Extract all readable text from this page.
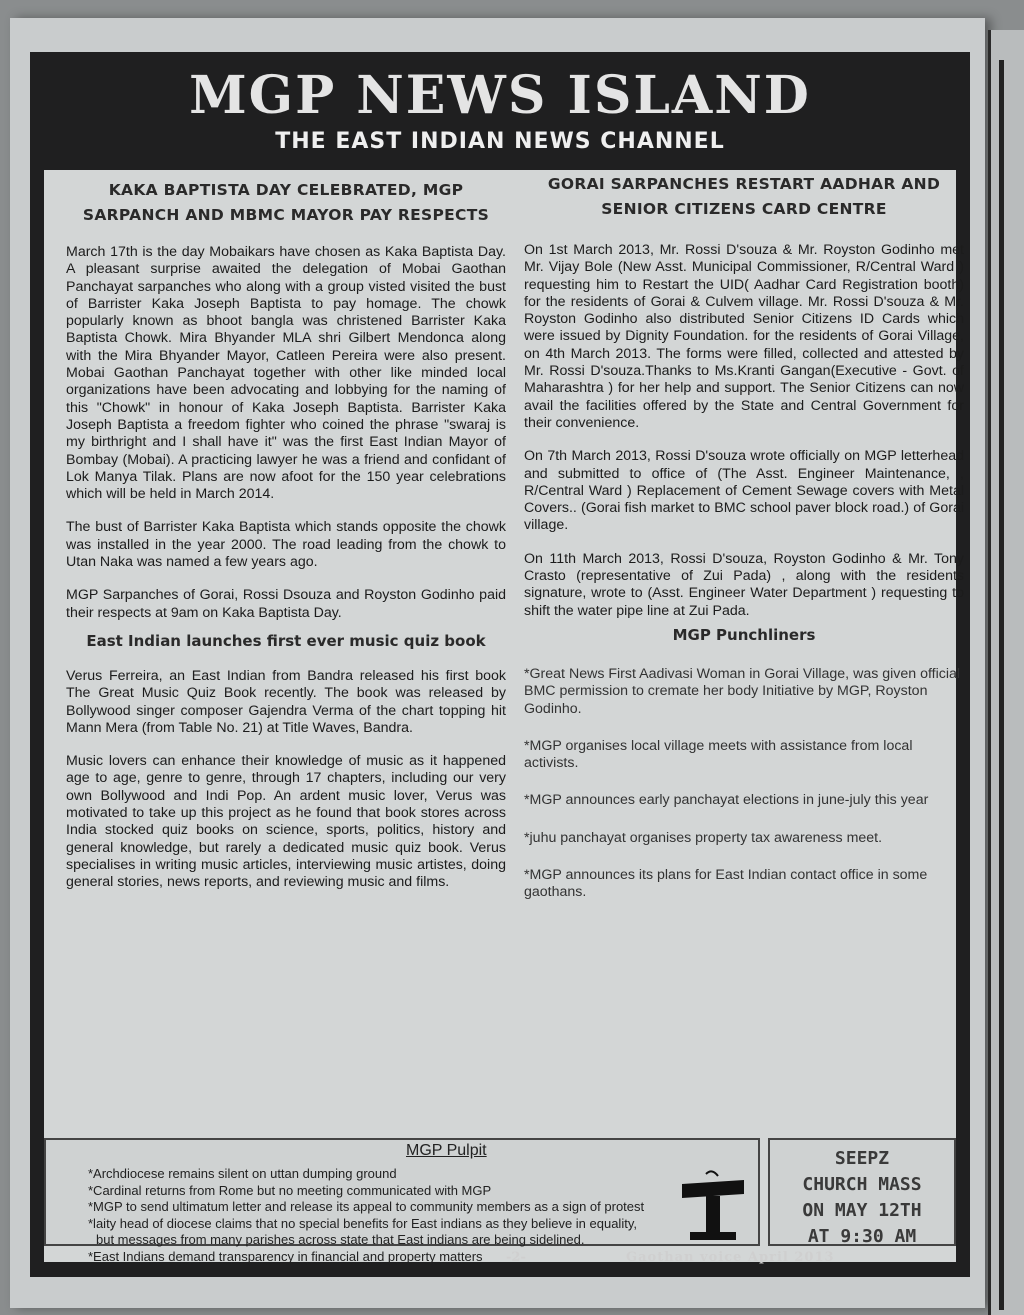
MGP NEWS ISLAND
THE EAST INDIAN NEWS CHANNEL
KAKA BAPTISTA DAY CELEBRATED, MGP SARPANCH AND MBMC MAYOR PAY RESPECTS

March 17th is the day Mobaikars have chosen as Kaka Baptista Day. A pleasant surprise awaited the delegation of Mobai Gaothan Panchayat sarpanches who along with a group visted visited the bust of Barrister Kaka Joseph Baptista to pay homage. The chowk popularly known as bhoot bangla was christened Barrister Kaka Baptista Chowk. Mira Bhyander MLA shri Gilbert Mendonca along with the Mira Bhyander Mayor, Catleen Pereira were also present. Mobai Gaothan Panchayat together with other like minded local organizations have been advocating and lobbying for the naming of this "Chowk" in honour of Kaka Joseph Baptista. Barrister Kaka Joseph Baptista a freedom fighter who coined the phrase "swaraj is my birthright and I shall have it" was the first East Indian Mayor of Bombay (Mobai). A practicing lawyer he was a friend and confidant of Lok Manya Tilak. Plans are now afoot for the 150 year celebrations which will be held in March 2014.

The bust of Barrister Kaka Baptista which stands opposite the chowk was installed in the year 2000. The road leading from the chowk to Utan Naka was named a few years ago.

MGP Sarpanches of Gorai, Rossi Dsouza and Royston Godinho paid their respects at 9am on Kaka Baptista Day.

East Indian launches first ever music quiz book

Verus Ferreira, an East Indian from Bandra released his first book The Great Music Quiz Book recently. The book was released by Bollywood singer composer Gajendra Verma of the chart topping hit Mann Mera (from Table No. 21) at Title Waves, Bandra.

Music lovers can enhance their knowledge of music as it happened age to age, genre to genre, through 17 chapters, including our very own Bollywood and Indi Pop. An ardent music lover, Verus was motivated to take up this project as he found that book stores across India stocked quiz books on science, sports, politics, history and general knowledge, but rarely a dedicated music quiz book. Verus specialises in writing music articles, interviewing music artistes, doing general stories, news reports, and reviewing music and films.

GORAI SARPANCHES RESTART AADHAR AND SENIOR CITIZENS CARD CENTRE

On 1st March 2013, Mr. Rossi D'souza & Mr. Royston Godinho met Mr. Vijay Bole (New Asst. Municipal Commissioner, R/Central Ward ) requesting him to Restart the UID( Aadhar Card Registration booth) for the residents of Gorai & Culvem village. Mr. Rossi D'souza & Mr. Royston Godinho also distributed Senior Citizens ID Cards which were issued by Dignity Foundation. for the residents of Gorai Village, on 4th March 2013. The forms were filled, collected and attested by Mr. Rossi D'souza.Thanks to Ms.Kranti Gangan(Executive - Govt. of Maharashtra ) for her help and support. The Senior Citizens can now avail the facilities offered by the State and Central Government for their convenience.

On 7th March 2013, Rossi D'souza wrote officially on MGP letterhead and submitted to office of (The Asst. Engineer Maintenance, , R/Central Ward ) Replacement of Cement Sewage covers with Metal Covers.. (Gorai fish market to BMC school paver block road.) of Gorai village.

On 11th March 2013, Rossi D'souza, Royston Godinho & Mr. Tony Crasto (representative of Zui Pada) , along with the residents signature, wrote to (Asst. Engineer Water Department ) requesting to shift the water pipe line at Zui Pada.

MGP Punchliners

*Great News First Aadivasi Woman in Gorai Village, was given official BMC permission to cremate her body Initiative by MGP, Royston Godinho.

*MGP organises local village meets with assistance from local activists.

*MGP announces early panchayat elections in june-july this year

*juhu panchayat organises property tax awareness meet.

*MGP announces its plans for East Indian contact office in some gaothans.

MGP Pulpit
*Archdiocese remains silent on uttan dumping ground
*Cardinal returns from Rome but no meeting communicated with MGP
*MGP to send ultimatum letter and release its appeal to community members as a sign of protest
*laity head of diocese claims that no special benefits for East indians as they believe in equality,
but messages from many parishes across state that East indians are being sidelined.
*East Indians demand transparency in financial and property matters
SEEPZ
CHURCH MASS
ON MAY 12TH
AT 9:30 AM
-2-	Gaothan voice April 2013
